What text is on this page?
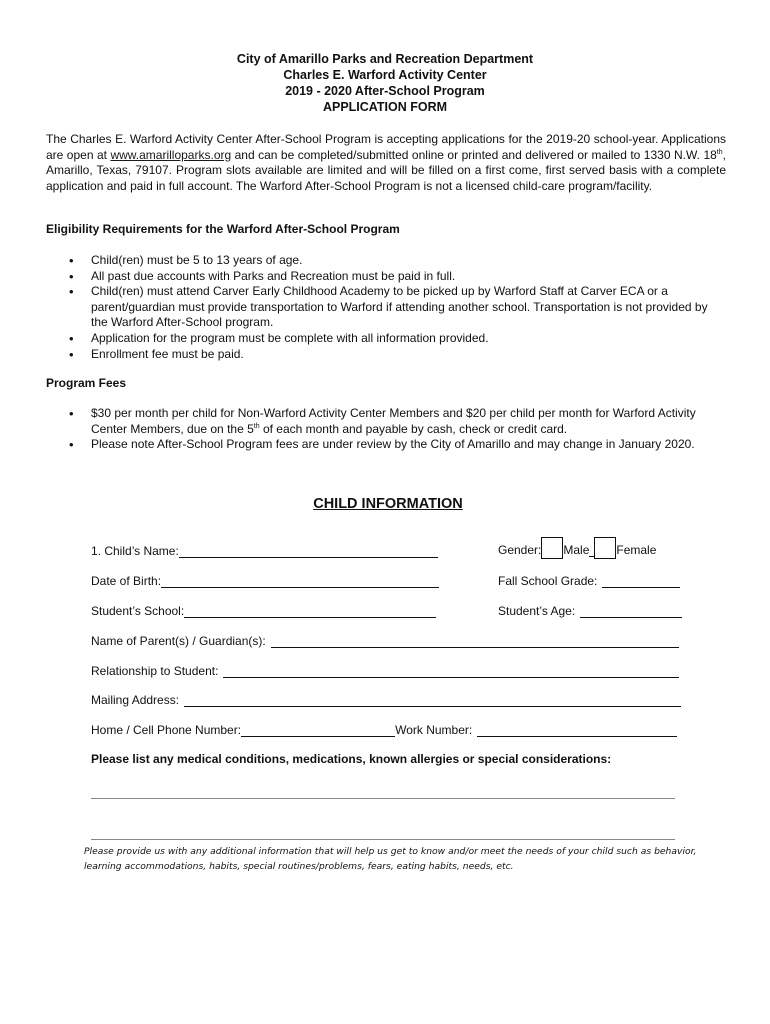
City of Amarillo Parks and Recreation Department
Charles E. Warford Activity Center
2019 - 2020 After-School Program
APPLICATION FORM
The Charles E. Warford Activity Center After-School Program is accepting applications for the 2019-20 school-year. Applications are open at www.amarilloparks.org and can be completed/submitted online or printed and delivered or mailed to 1330 N.W. 18th, Amarillo, Texas, 79107. Program slots available are limited and will be filled on a first come, first served basis with a complete application and paid in full account. The Warford After-School Program is not a licensed child-care program/facility.
Eligibility Requirements for the Warford After-School Program
• Child(ren) must be 5 to 13 years of age.
• All past due accounts with Parks and Recreation must be paid in full.
• Child(ren) must attend Carver Early Childhood Academy to be picked up by Warford Staff at Carver ECA or a parent/guardian must provide transportation to Warford if attending another school. Transportation is not provided by the Warford After-School program.
• Application for the program must be complete with all information provided.
• Enrollment fee must be paid.
Program Fees
• $30 per month per child for Non-Warford Activity Center Members and $20 per child per month for Warford Activity Center Members, due on the 5th of each month and payable by cash, check or credit card.
• Please note After-School Program fees are under review by the City of Amarillo and may change in January 2020.
CHILD INFORMATION
1. Child’s Name:	Gender: Male Female
Date of Birth:	Fall School Grade:
Student’s School:	Student’s Age:
Name of Parent(s) / Guardian(s):
Relationship to Student:
Mailing Address:
Home / Cell Phone Number:	Work Number:
Please list any medical conditions, medications, known allergies or special considerations:
Please provide us with any additional information that will help us get to know and/or meet the needs of your child such as behavior, learning accommodations, habits, special routines/problems, fears, eating habits, needs, etc.
